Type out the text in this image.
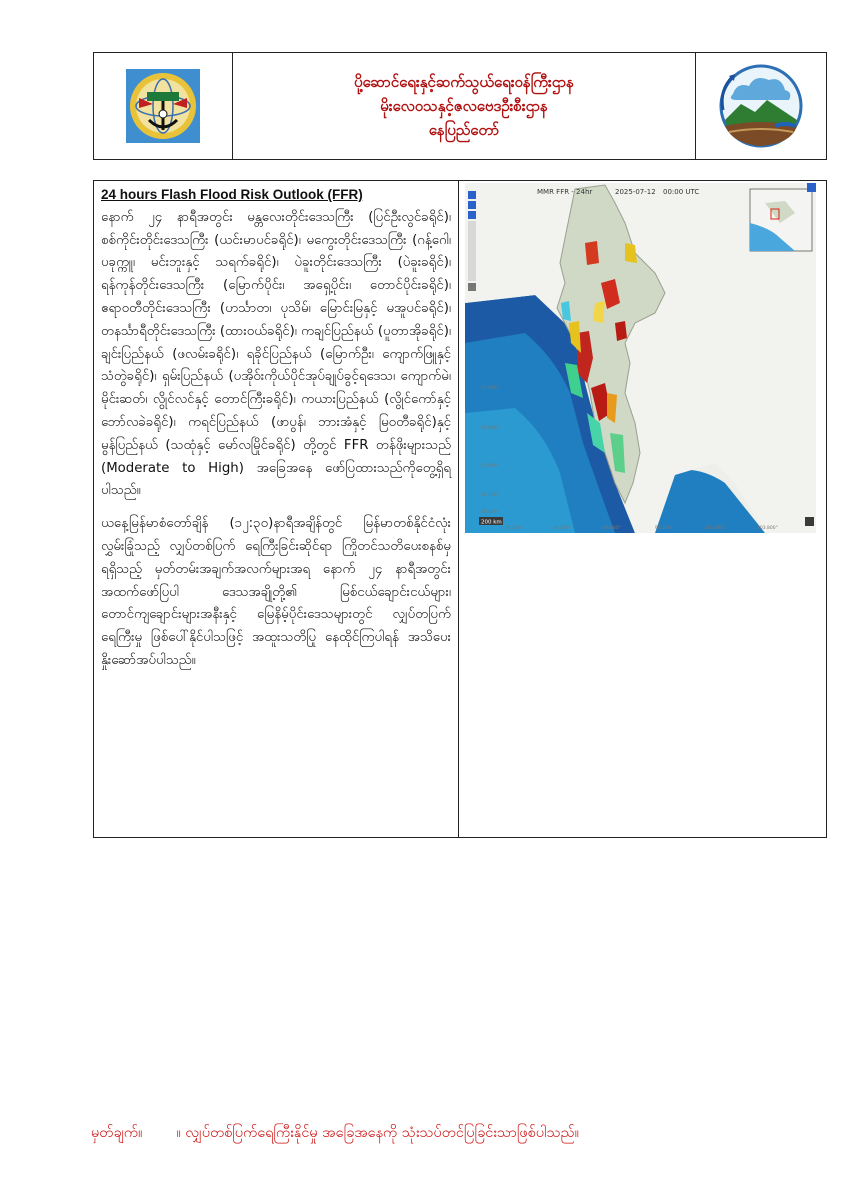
ပို့ဆောင်ရေးနှင့်ဆက်သွယ်ရေးဝန်ကြီးဌာန
မိုးလေဝသနှင့်ဇလဗေဒဦးစီးဌာန
နေပြည်တော်
24 hours Flash Flood Risk Outlook (FFR)

နောက် ၂၄ နာရီအတွင်း မန္တလေးတိုင်းဒေသကြီး (ပြင်ဦးလွင်ခရိုင်)၊ စစ်ကိုင်းတိုင်းဒေသကြီး (ယင်းမာပင်ခရိုင်)၊ မကွေးတိုင်းဒေသကြီး (ဂန့်ဂေါ၊ ပခုက္ကူ၊ မင်းဘူးနှင့် သရက်ခရိုင်)၊ ပဲခူးတိုင်းဒေသကြီး (ပဲခူးခရိုင်)၊ ရန်ကုန်တိုင်းဒေသကြီး (မြောက်ပိုင်း၊ အရှေ့ပိုင်း၊ တောင်ပိုင်းခရိုင်)၊ ဧရာဝတီတိုင်းဒေသကြီး (ဟင်္သာတ၊ ပုသိမ်၊ မြောင်းမြနှင့် မအူပင်ခရိုင်)၊ တနင်္သာရီတိုင်းဒေသကြီး (ထားဝယ်ခရိုင်)၊ ကချင်ပြည်နယ် (ပူတာအိုခရိုင်)၊ ချင်းပြည်နယ် (ဖလမ်းခရိုင်)၊ ရခိုင်ပြည်နယ် (မြောက်ဦး၊ ကျောက်ဖြူနှင့် သံတွဲခရိုင်)၊ ရှမ်းပြည်နယ် (ပအိုဝ်းကိုယ်ပိုင်အုပ်ချုပ်ခွင့်ရဒေသ၊ ကျောက်မဲ၊ မိုင်းဆတ်၊ လွိုင်လင်နှင့် တောင်ကြီးခရိုင်)၊ ကယားပြည်နယ် (လွိုင်ကော်နှင့် ဘော်လခဲခရိုင်)၊ ကရင်ပြည်နယ် (ဖာပွန်၊ ဘားအံနှင့် မြဝတီခရိုင်)နှင့် မွန်ပြည်နယ် (သထုံနှင့် မော်လမြိုင်ခရိုင်) တို့တွင် FFR တန်ဖိုးများသည် (Moderate to High) အခြေအနေ ဖော်ပြထားသည်ကိုတွေ့ရှိရပါသည်။

ယနေ့မြန်မာစံတော်ချိန် (၁၂:၃၀)နာရီအချိန်တွင် မြန်မာတစ်နိုင်ငံလုံး လွှမ်းခြုံသည့် လျှပ်တစ်ပြက် ရေကြီးခြင်းဆိုင်ရာ ကြိုတင်သတိပေးစနစ်မှ ရရှိသည့် မှတ်တမ်းအချက်အလက်များအရ နောက် ၂၄ နာရီအတွင်း အထက်ဖော်ပြပါ ဒေသအချို့တို့၏ မြစ်ငယ်ချောင်းငယ်များ၊ တောင်ကျချောင်းများအနီးနှင့် မြေနိမ့်ပိုင်းဒေသများတွင် လျှပ်တပြက်ရေကြီးမှု ဖြစ်ပေါ်နိုင်ပါသဖြင့် အထူးသတိပြု နေထိုင်ကြပါရန် အသိပေးနှိုးဆော်အပ်ပါသည်။

MMR FFR - 24hr	2025-07-12 00:00 UTC
200 km
17.440°
15.680°
13.920°
12.160°
10.400°
92.200°	94.520°	96.840°	99.160°	101.480°	103.800°
မှတ်ချက်။ ။ လျှပ်တစ်ပြက်ရေကြီးနိုင်မှု အခြေအနေကို သုံးသပ်တင်ပြခြင်းသာဖြစ်ပါသည်။
